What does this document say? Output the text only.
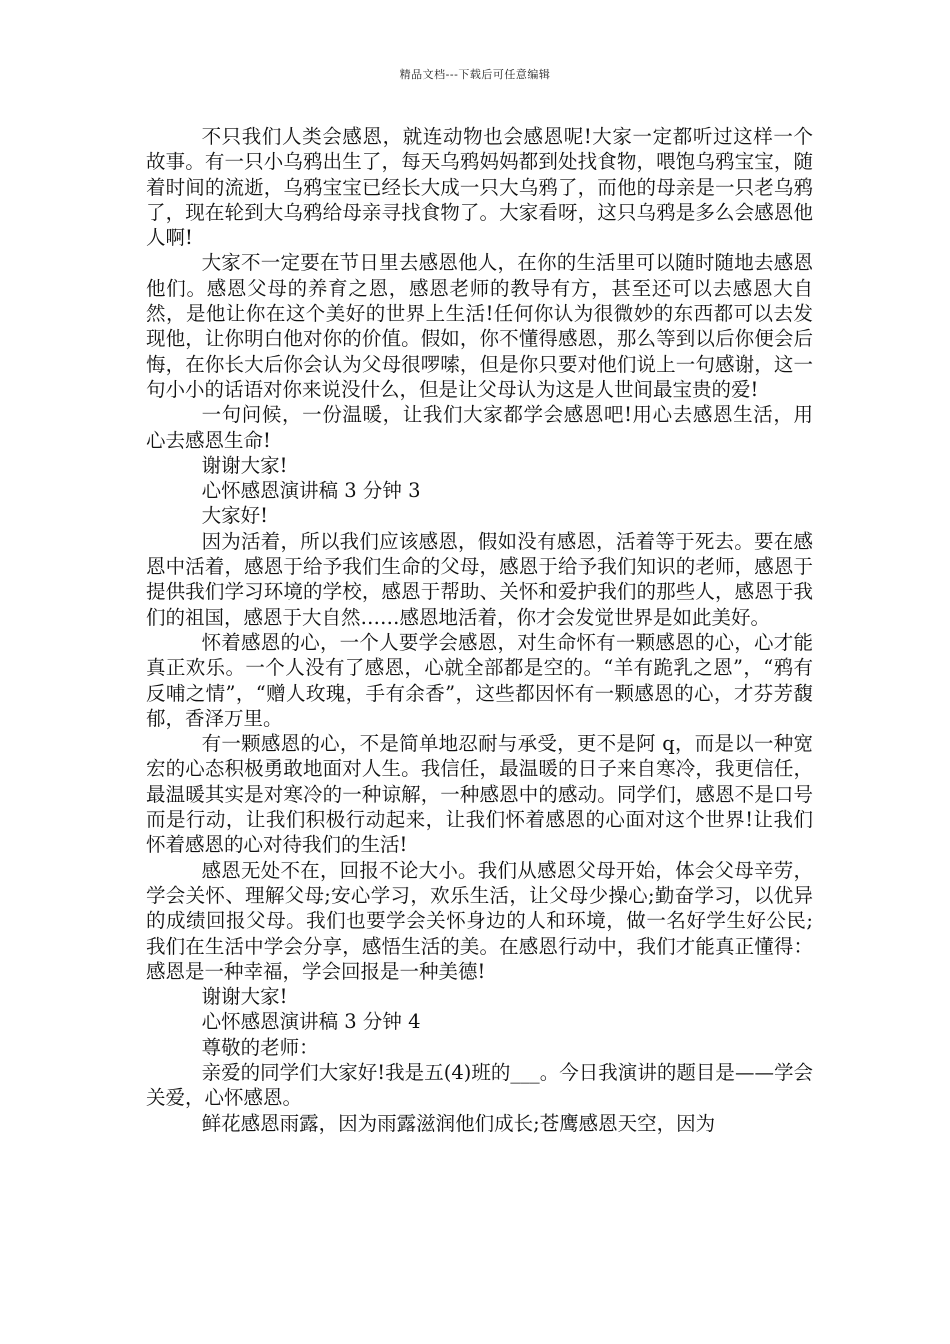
精品文档---下载后可任意编辑

不只我们人类会感恩，就连动物也会感恩呢!大家一定都听过这样一个故事。有一只小乌鸦出生了，每天乌鸦妈妈都到处找食物，喂饱乌鸦宝宝，随着时间的流逝，乌鸦宝宝已经长大成一只大乌鸦了，而他的母亲是一只老乌鸦了，现在轮到大乌鸦给母亲寻找食物了。大家看呀，这只乌鸦是多么会感恩他人啊!

大家不一定要在节日里去感恩他人，在你的生活里可以随时随地去感恩他们。感恩父母的养育之恩，感恩老师的教导有方，甚至还可以去感恩大自然，是他让你在这个美好的世界上生活!任何你认为很微妙的东西都可以去发现他，让你明白他对你的价值。假如，你不懂得感恩，那么等到以后你便会后悔，在你长大后你会认为父母很啰嗦，但是你只要对他们说上一句感谢，这一句小小的话语对你来说没什么，但是让父母认为这是人世间最宝贵的爱!

一句问候，一份温暖，让我们大家都学会感恩吧!用心去感恩生活，用心去感恩生命!

谢谢大家!

心怀感恩演讲稿 3 分钟 3

大家好!

因为活着，所以我们应该感恩，假如没有感恩，活着等于死去。要在感恩中活着，感恩于给予我们生命的父母，感恩于给予我们知识的老师，感恩于提供我们学习环境的学校，感恩于帮助、关怀和爱护我们的那些人，感恩于我们的祖国，感恩于大自然……感恩地活着，你才会发觉世界是如此美好。

怀着感恩的心，一个人要学会感恩，对生命怀有一颗感恩的心，心才能真正欢乐。一个人没有了感恩，心就全部都是空的。“羊有跪乳之恩”，“鸦有反哺之情”，“赠人玫瑰，手有余香”，这些都因怀有一颗感恩的心，才芬芳馥郁，香泽万里。

有一颗感恩的心，不是简单地忍耐与承受，更不是阿 q，而是以一种宽宏的心态积极勇敢地面对人生。我信任，最温暖的日子来自寒冷，我更信任，最温暖其实是对寒冷的一种谅解，一种感恩中的感动。同学们，感恩不是口号而是行动，让我们积极行动起来，让我们怀着感恩的心面对这个世界!让我们怀着感恩的心对待我们的生活!

感恩无处不在，回报不论大小。我们从感恩父母开始，体会父母辛劳，学会关怀、理解父母;安心学习，欢乐生活，让父母少操心;勤奋学习，以优异的成绩回报父母。我们也要学会关怀身边的人和环境，做一名好学生好公民;我们在生活中学会分享，感悟生活的美。在感恩行动中，我们才能真正懂得：感恩是一种幸福，学会回报是一种美德!

谢谢大家!

心怀感恩演讲稿 3 分钟 4

尊敬的老师：

亲爱的同学们大家好!我是五(4)班的___。今日我演讲的题目是——学会关爱，心怀感恩。

鲜花感恩雨露，因为雨露滋润他们成长;苍鹰感恩天空，因为
